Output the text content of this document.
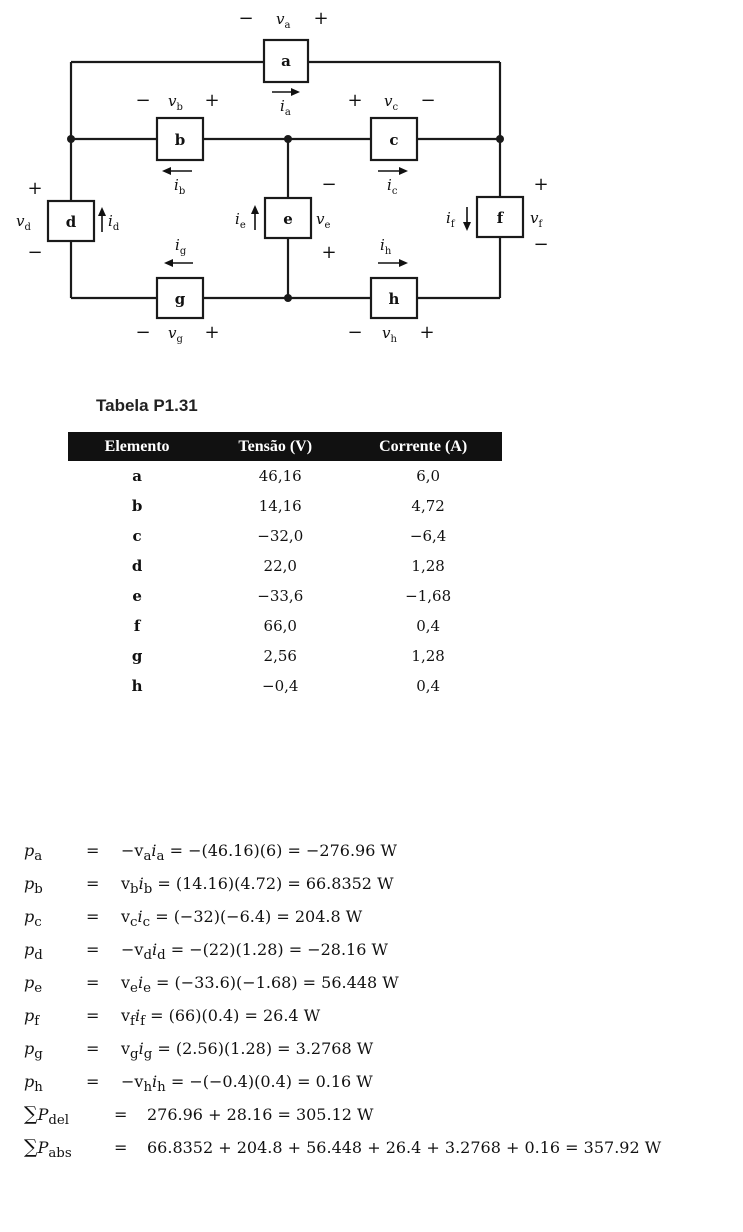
a
− $v_a$ +
$i_a$
b
− $v_b$ +
$i_b$
c
+ $v_c$ −
$i_c$
d
+
$v_d$
−
$i_d$	e
−
$v_e$
+
$i_e$	f
+
$v_f$
−
$i_f$
g
$i_g$
− $v_g$ +
h
$i_h$
− $v_h$ +
Tabela P1.31
Elemento	Tensão (V)	Corrente (A)
a	46,16	6,0
b	14,16	4,72
c	−32,0	−6,4
d	22,0	1,28
e	−33,6	−1,68
f	66,0	0,4
g	2,56	1,28
h	−0,4	0,4
$p_a$	= $-v_ai_a = -(46.16)(6) = -276.96$ W
$p_b$	= $v_bi_b = (14.16)(4.72) = 66.8352$ W
$p_c$	= $v_ci_c = (-32)(-6.4) = 204.8$ W
$p_d$	= $-v_di_d = -(22)(1.28) = -28.16$ W
$p_e$	= $v_ei_e = (-33.6)(-1.68) = 56.448$ W
$p_f$	= $v_fi_f = (66)(0.4) = 26.4$ W
$p_g$	= $v_gi_g = (2.56)(1.28) = 3.2768$ W
$p_h$	= $-v_hi_h = -(-0.4)(0.4) = 0.16$ W
$\sum P_{del}$	= 276.96 + 28.16 = 305.12 W
$\sum P_{abs}$	= 66.8352 + 204.8 + 56.448 + 26.4 + 3.2768 + 0.16 = 357.92 W
